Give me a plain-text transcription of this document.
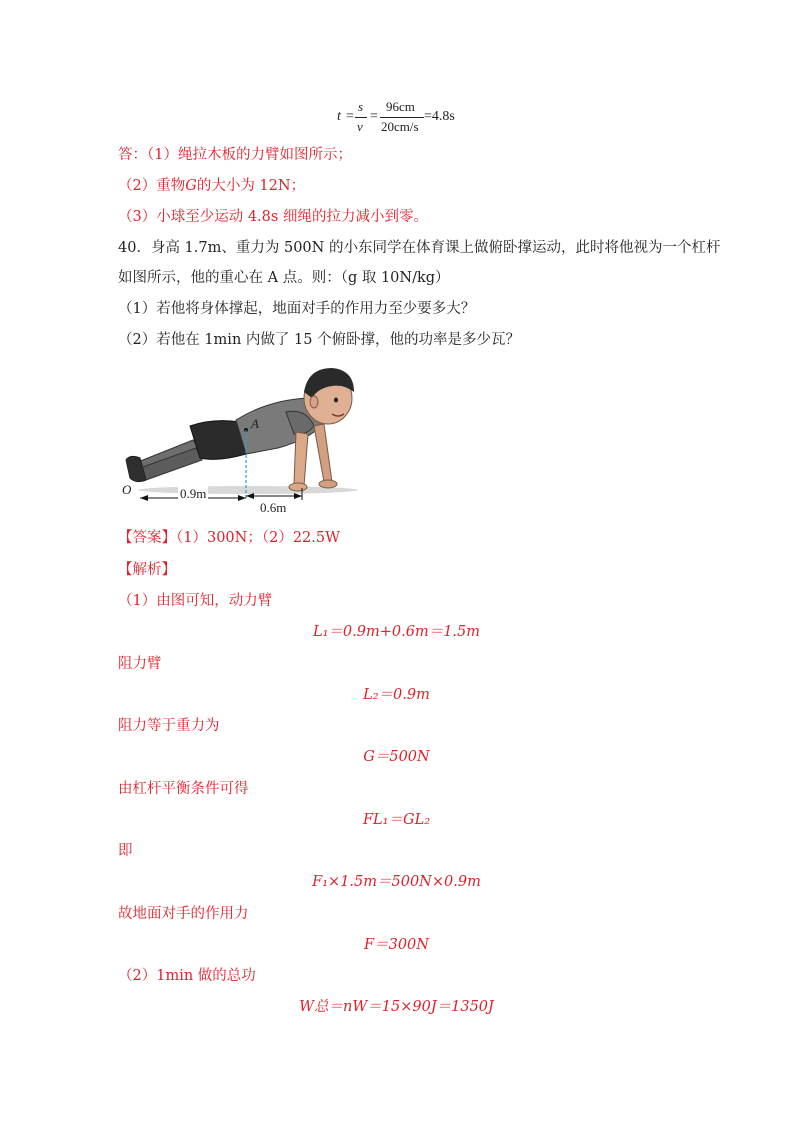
t =
s
v
=
96cm
20cm/s
=4.8s
答：（1）绳拉木板的力臂如图所示；
（2）重物G的大小为 12N；
（3）小球至少运动 4.8s 细绳的拉力减小到零。
40．身高 1.7m、重力为 500N 的小东同学在体育课上做俯卧撑运动，此时将他视为一个杠杆
如图所示，他的重心在 A 点。则：（g 取 10N/kg）
（1）若他将身体撑起，地面对手的作用力至少要多大？
（2）若他在 1min 内做了 15 个俯卧撑，他的功率是多少瓦？
A
O	0.9m
0.6m
【答案】（1）300N；（2）22.5W
【解析】
（1）由图可知，动力臂
L₁＝0.9m+0.6m＝1.5m
阻力臂
L₂＝0.9m
阻力等于重力为
G＝500N
由杠杆平衡条件可得
FL₁＝GL₂
即
F₁×1.5m＝500N×0.9m
故地面对手的作用力
F＝300N
（2）1min 做的总功
W总＝nW＝15×90J＝1350J
